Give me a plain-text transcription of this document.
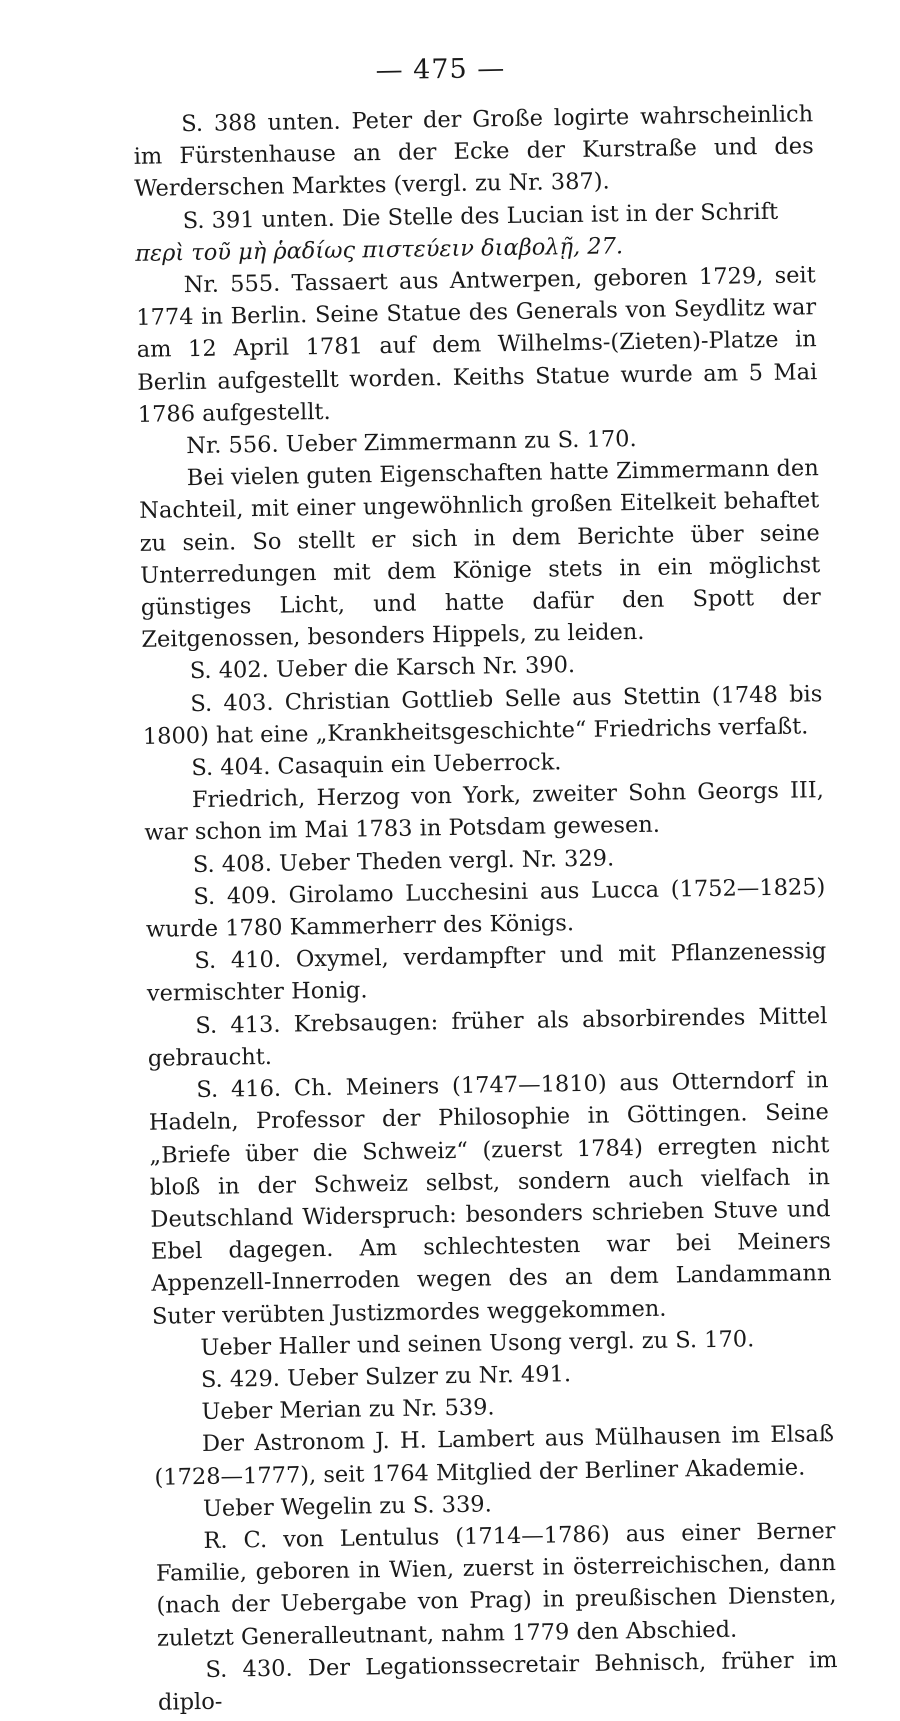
— 475 —

S. 388 unten. Peter der Große logirte wahrscheinlich im Fürstenhause an der Ecke der Kurstraße und des Werderschen Marktes (vergl. zu Nr. 387).

S. 391 unten. Die Stelle des Lucian ist in der Schrift

περὶ τοῦ μὴ ῥαδίως πιστεύειν διαβολῇ, 27.

Nr. 555. Tassaert aus Antwerpen, geboren 1729, seit 1774 in Berlin. Seine Statue des Generals von Seydlitz war am 12 April 1781 auf dem Wilhelms-(Zieten)-Platze in Berlin aufgestellt worden. Keiths Statue wurde am 5 Mai 1786 aufgestellt.

Nr. 556. Ueber Zimmermann zu S. 170.

Bei vielen guten Eigenschaften hatte Zimmermann den Nachteil, mit einer ungewöhnlich großen Eitelkeit behaftet zu sein. So stellt er sich in dem Berichte über seine Unterredungen mit dem Könige stets in ein möglichst günstiges Licht, und hatte dafür den Spott der Zeitgenossen, besonders Hippels, zu leiden.

S. 402. Ueber die Karsch Nr. 390.

S. 403. Christian Gottlieb Selle aus Stettin (1748 bis 1800) hat eine „Krankheitsgeschichte“ Friedrichs verfaßt.

S. 404. Casaquin ein Ueberrock.

Friedrich, Herzog von York, zweiter Sohn Georgs III, war schon im Mai 1783 in Potsdam gewesen.

S. 408. Ueber Theden vergl. Nr. 329.

S. 409. Girolamo Lucchesini aus Lucca (1752—1825) wurde 1780 Kammerherr des Königs.

S. 410. Oxymel, verdampfter und mit Pflanzenessig vermischter Honig.

S. 413. Krebsaugen: früher als absorbirendes Mittel gebraucht.

S. 416. Ch. Meiners (1747—1810) aus Otterndorf in Hadeln, Professor der Philosophie in Göttingen. Seine „Briefe über die Schweiz“ (zuerst 1784) erregten nicht bloß in der Schweiz selbst, sondern auch vielfach in Deutschland Widerspruch: besonders schrieben Stuve und Ebel dagegen. Am schlechtesten war bei Meiners Appenzell-Innerroden wegen des an dem Landammann Suter verübten Justizmordes weggekommen.

Ueber Haller und seinen Usong vergl. zu S. 170.

S. 429. Ueber Sulzer zu Nr. 491.

Ueber Merian zu Nr. 539.

Der Astronom J. H. Lambert aus Mülhausen im Elsaß (1728—1777), seit 1764 Mitglied der Berliner Akademie.

Ueber Wegelin zu S. 339.

R. C. von Lentulus (1714—1786) aus einer Berner Familie, geboren in Wien, zuerst in österreichischen, dann (nach der Uebergabe von Prag) in preußischen Diensten, zuletzt Generalleutnant, nahm 1779 den Abschied.

S. 430. Der Legationssecretair Behnisch, früher im diplo-
